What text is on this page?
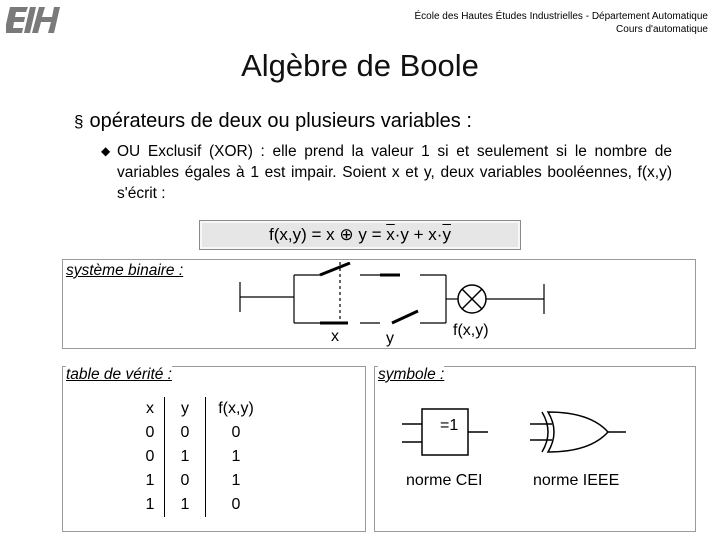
École des Hautes Études Industrielles - Département Automatique
Cours d'automatique
Algèbre de Boole
§ opérateurs de deux ou plusieurs variables :
◆ OU Exclusif (XOR) : elle prend la valeur 1 si et seulement si le nombre de variables égales à 1 est impair. Soient x et y, deux variables booléennes, f(x,y) s'écrit :
f(x,y) = x ⊕ $y = \overline{x}\cdot y + x\cdot\overline{y}$
système binaire :
x	y	f(x,y)
table de vérité :
x	y	f(x,y)
0	0	0
0	1	1
1	0	1
1	1	0
symbole :
=1
norme CEI	norme IEEE
